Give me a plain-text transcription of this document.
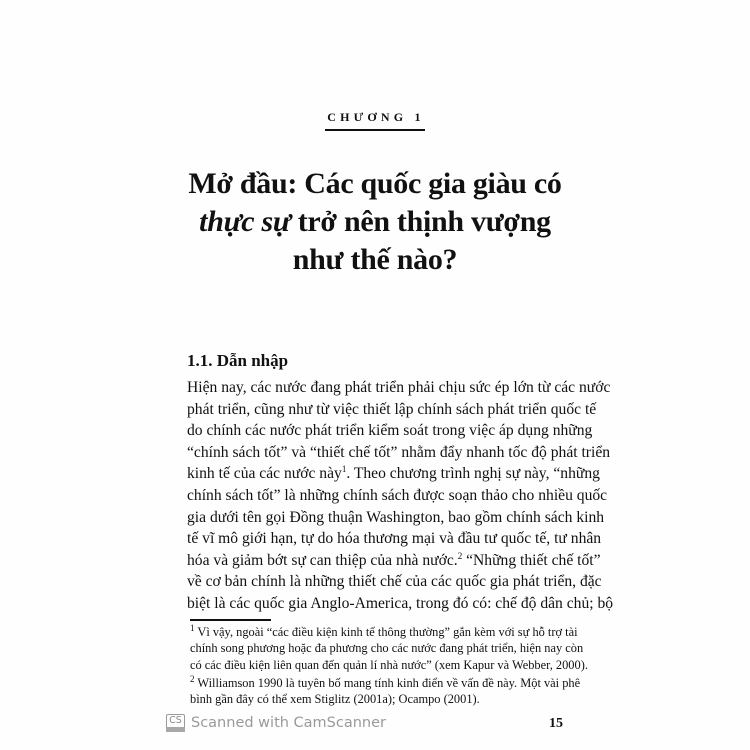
CHƯƠNG 1
Mở đầu: Các quốc gia giàu có
thực sự trở nên thịnh vượng
như thế nào?
1.1. Dẫn nhập
Hiện nay, các nước đang phát triển phải chịu sức ép lớn từ các nước
phát triển, cũng như từ việc thiết lập chính sách phát triển quốc tế
do chính các nước phát triển kiểm soát trong việc áp dụng những
“chính sách tốt” và “thiết chế tốt” nhằm đẩy nhanh tốc độ phát triển
kinh tế của các nước này$^1$. Theo chương trình nghị sự này, “những
chính sách tốt” là những chính sách được soạn thảo cho nhiều quốc
gia dưới tên gọi Đồng thuận Washington, bao gồm chính sách kinh
tế vĩ mô giới hạn, tự do hóa thương mại và đầu tư quốc tế, tư nhân
hóa và giảm bớt sự can thiệp của nhà nước.$^2$ “Những thiết chế tốt”
về cơ bản chính là những thiết chế của các quốc gia phát triển, đặc
biệt là các quốc gia Anglo-America, trong đó có: chế độ dân chủ; bộ
$^1$ Vì vậy, ngoài “các điều kiện kinh tế thông thường” gắn kèm với sự hỗ trợ tài
chính song phương hoặc đa phương cho các nước đang phát triển, hiện nay còn
có các điều kiện liên quan đến quản lí nhà nước” (xem Kapur và Webber, 2000).
$^2$ Williamson 1990 là tuyên bố mang tính kinh điển về vấn đề này. Một vài phê
bình gần đây có thể xem Stiglitz (2001a); Ocampo (2001).
CS Scanned with CamScanner	15
